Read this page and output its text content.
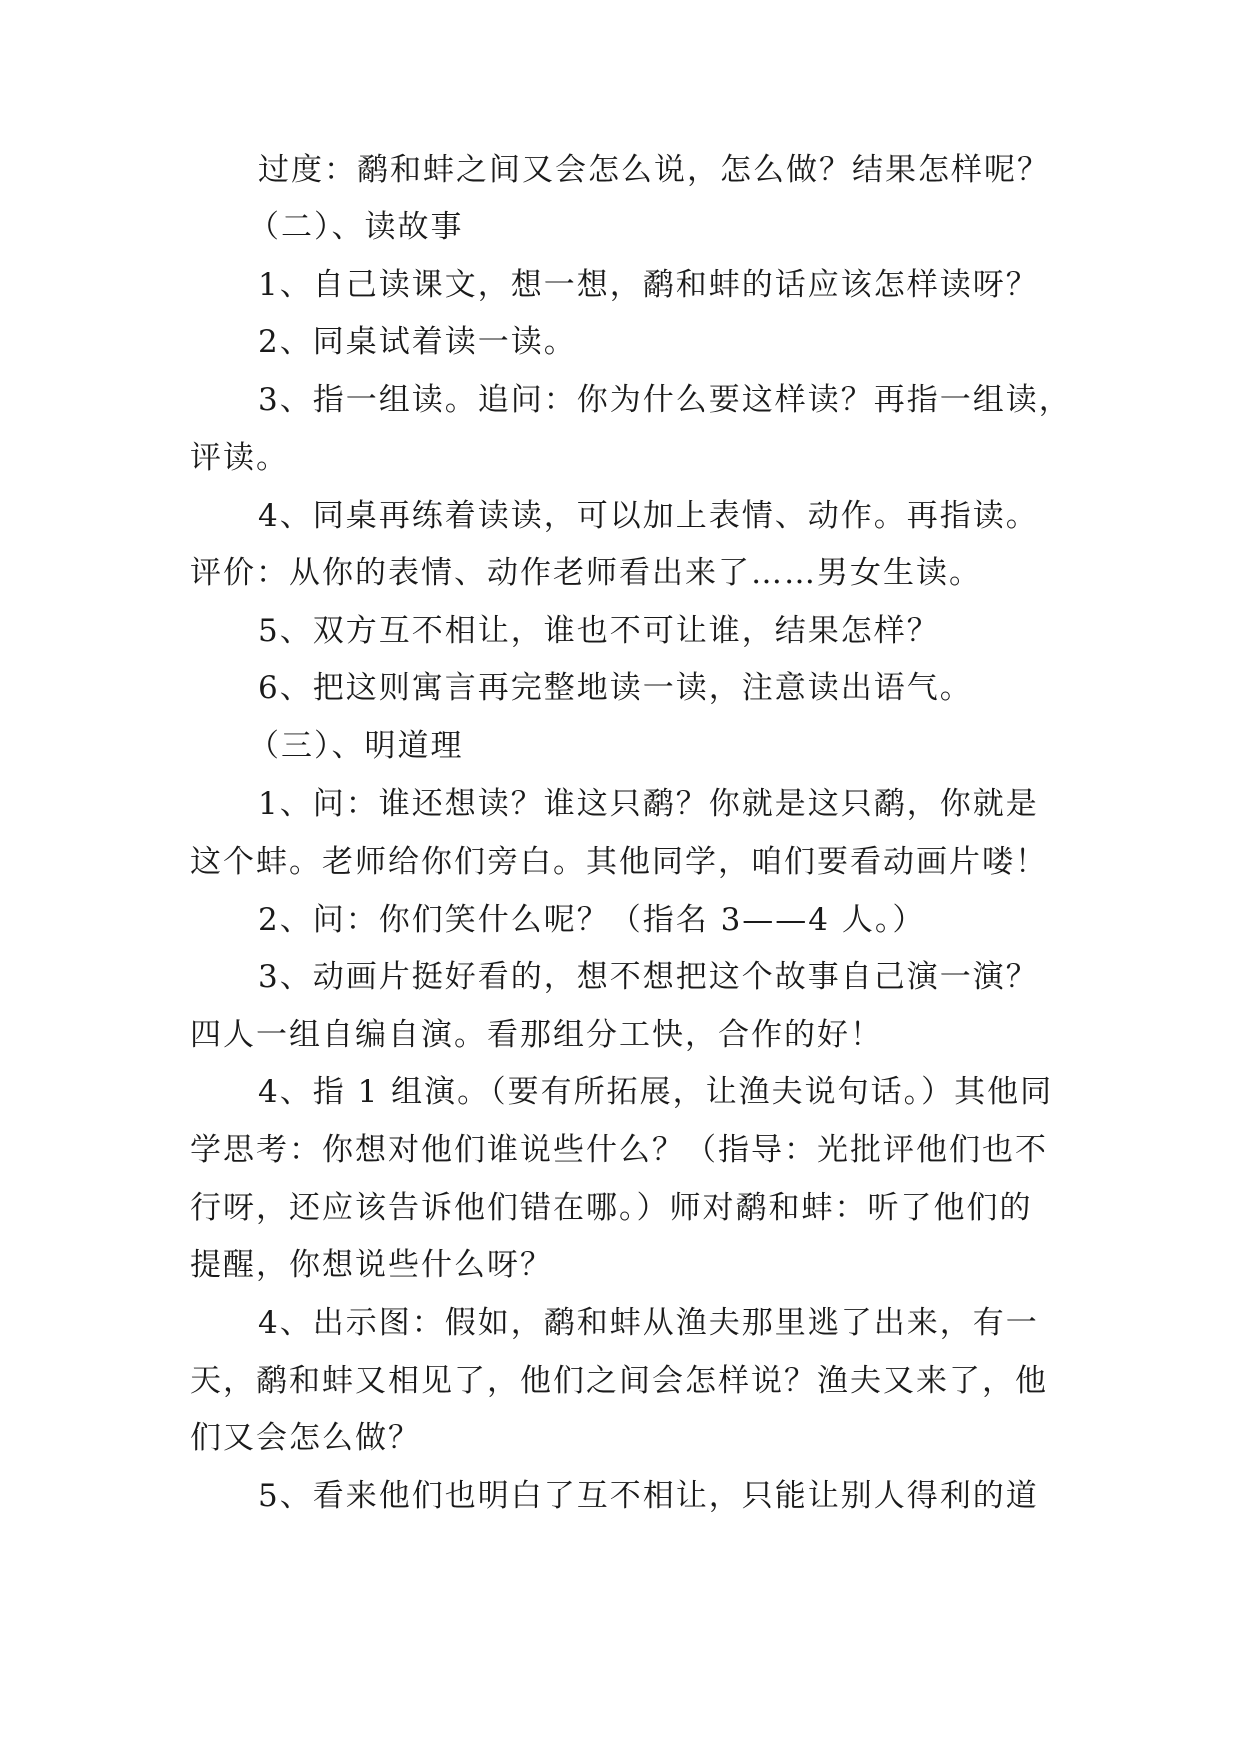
过度：鹬和蚌之间又会怎么说，怎么做？结果怎样呢？
（二）、读故事
1、自己读课文，想一想，鹬和蚌的话应该怎样读呀？
2、同桌试着读一读。
3、指一组读。追问：你为什么要这样读？再指一组读，
评读。
4、同桌再练着读读，可以加上表情、动作。再指读。
评价：从你的表情、动作老师看出来了……男女生读。
5、双方互不相让，谁也不可让谁，结果怎样？
6、把这则寓言再完整地读一读，注意读出语气。
（三）、明道理
1、问：谁还想读？谁这只鹬？你就是这只鹬，你就是
这个蚌。老师给你们旁白。其他同学，咱们要看动画片喽！
2、问：你们笑什么呢？（指名 3——4 人。）
3、动画片挺好看的，想不想把这个故事自己演一演？
四人一组自编自演。看那组分工快，合作的好！
4、指 1 组演。（要有所拓展，让渔夫说句话。）其他同
学思考：你想对他们谁说些什么？（指导：光批评他们也不
行呀，还应该告诉他们错在哪。）师对鹬和蚌：听了他们的
提醒，你想说些什么呀？
4、出示图：假如，鹬和蚌从渔夫那里逃了出来，有一
天，鹬和蚌又相见了，他们之间会怎样说？渔夫又来了，他
们又会怎么做？
5、看来他们也明白了互不相让，只能让别人得利的道
